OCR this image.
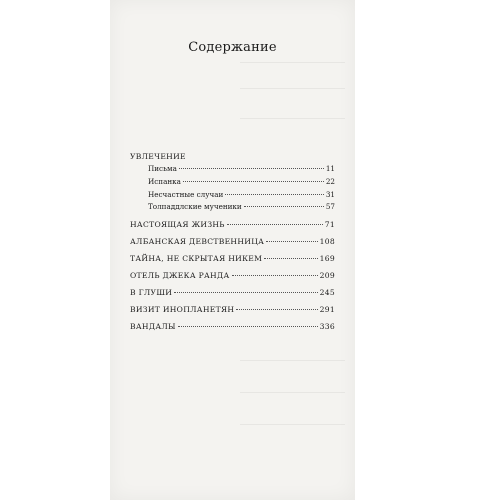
Содержание
УВЛЕЧЕНИЕ
Письма	11
Испанка	22
Несчастные случаи	31
Толпаддлские мученики	57
НАСТОЯЩАЯ ЖИЗНЬ	71
АЛБАНСКАЯ ДЕВСТВЕННИЦА	108
ТАЙНА, НЕ СКРЫТАЯ НИКЕМ	169
ОТЕЛЬ ДЖЕКА РАНДА	209
В ГЛУШИ	245
ВИЗИТ ИНОПЛАНЕТЯН	291
ВАНДАЛЫ	336
